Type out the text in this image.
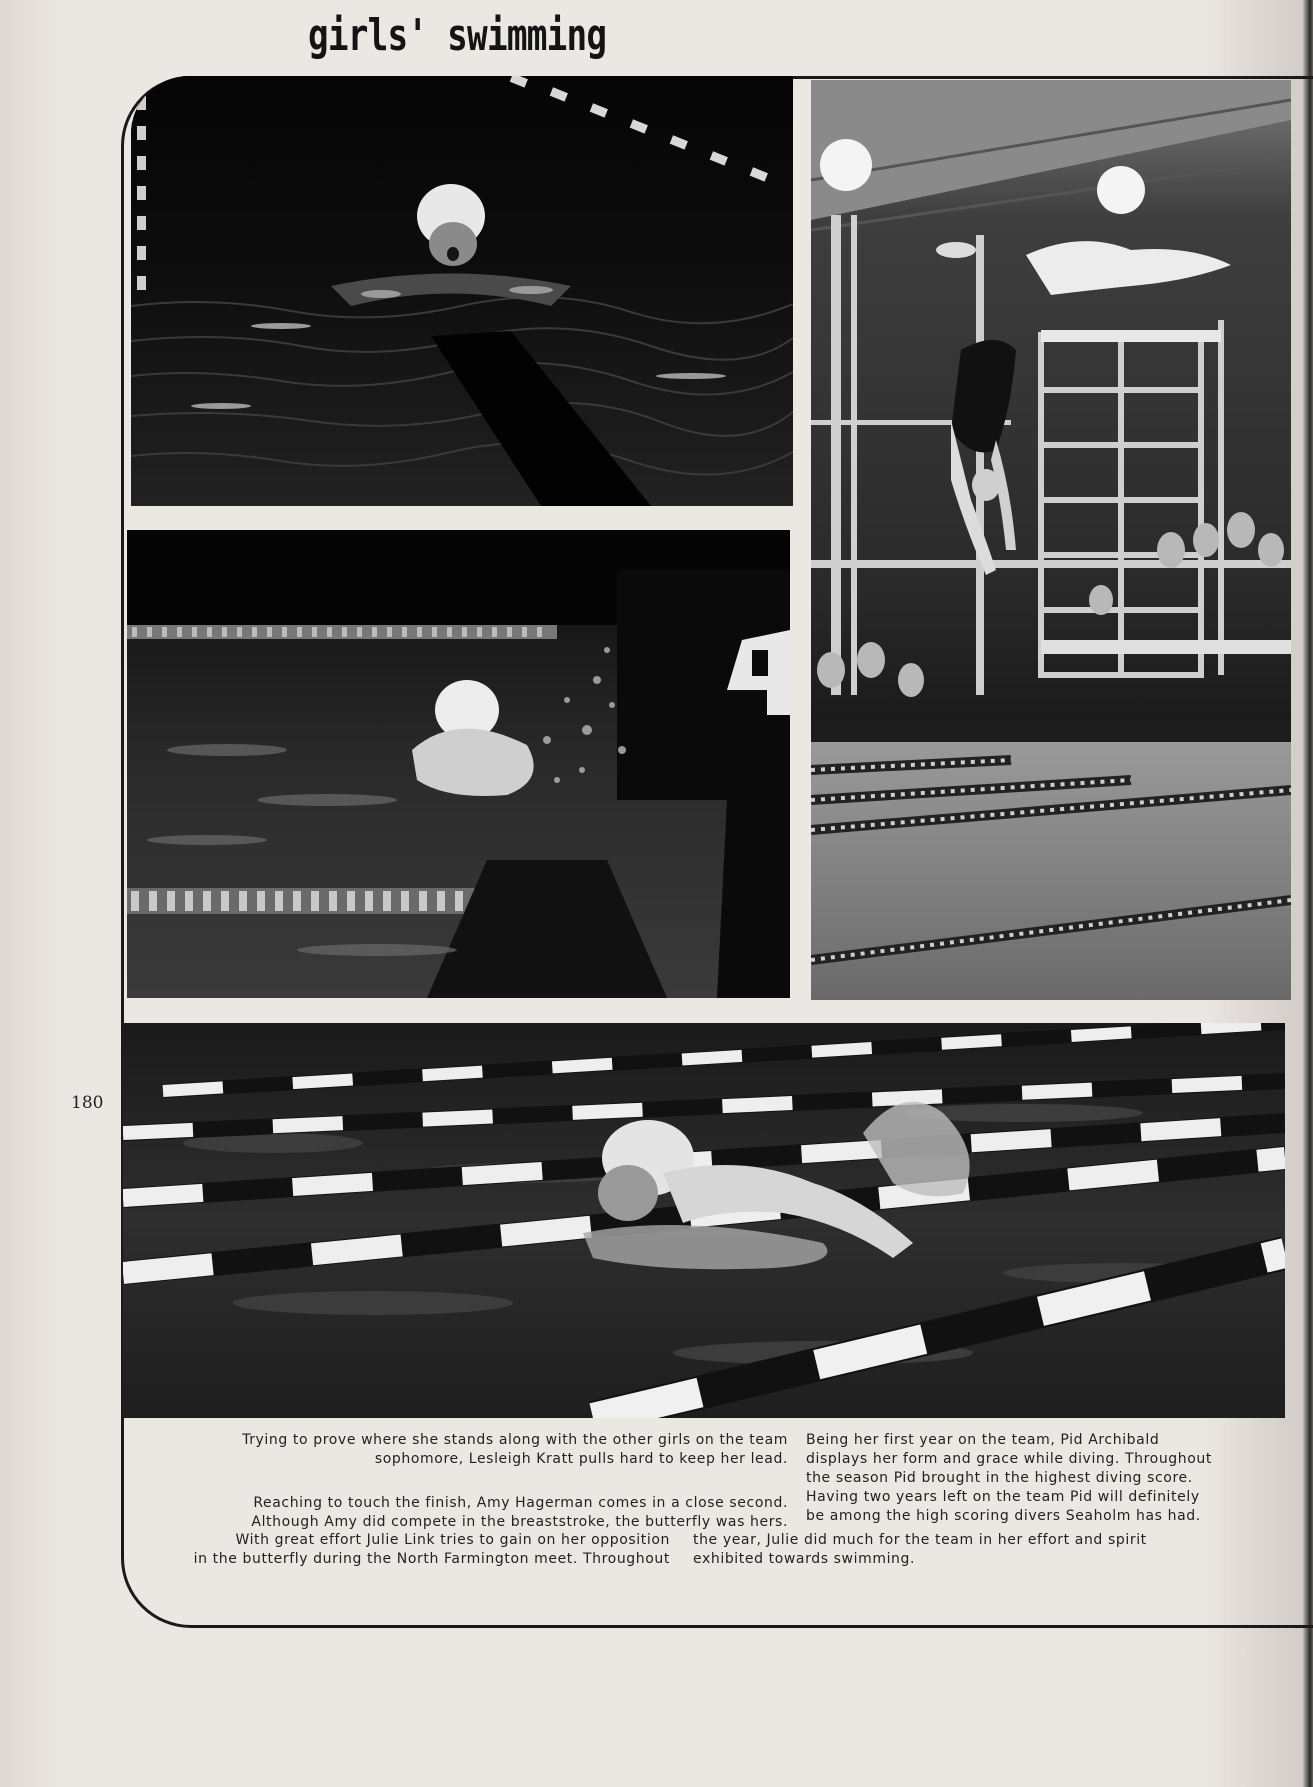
girls' swimming
180
Trying to prove where she stands along with the other girls on the team
sophomore, Lesleigh Kratt pulls hard to keep her lead.
Reaching to touch the finish, Amy Hagerman comes in a close second.
Although Amy did compete in the breaststroke, the butterfly was hers.
Being her first year on the team, Pid Archibald
displays her form and grace while diving. Throughout
the season Pid brought in the highest diving score.
Having two years left on the team Pid will definitely
be among the high scoring divers Seaholm has had.
With great effort Julie Link tries to gain on her opposition
in the butterfly during the North Farmington meet. Throughout
the year, Julie did much for the team in her effort and spirit
exhibited towards swimming.
